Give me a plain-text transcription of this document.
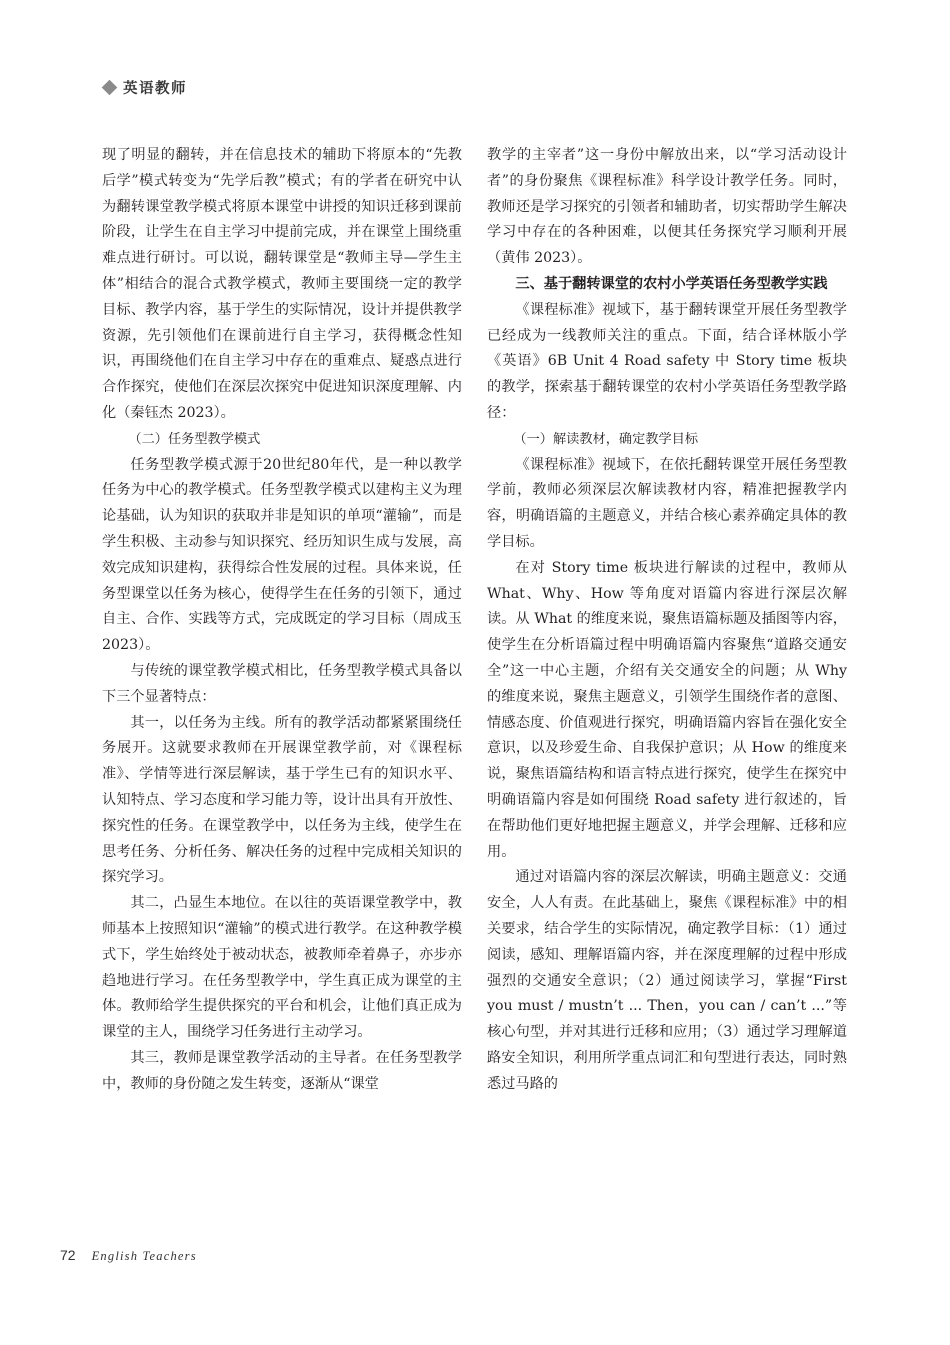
英语教师

现了明显的翻转，并在信息技术的辅助下将原本的“先教后学”模式转变为“先学后教”模式；有的学者在研究中认为翻转课堂教学模式将原本课堂中讲授的知识迁移到课前阶段，让学生在自主学习中提前完成，并在课堂上围绕重难点进行研讨。可以说，翻转课堂是“教师主导—学生主体”相结合的混合式教学模式，教师主要围绕一定的教学目标、教学内容，基于学生的实际情况，设计并提供教学资源，先引领他们在课前进行自主学习，获得概念性知识，再围绕他们在自主学习中存在的重难点、疑惑点进行合作探究，使他们在深层次探究中促进知识深度理解、内化（秦钰杰 2023）。

（二）任务型教学模式

任务型教学模式源于20世纪80年代，是一种以教学任务为中心的教学模式。任务型教学模式以建构主义为理论基础，认为知识的获取并非是知识的单项“灌输”，而是学生积极、主动参与知识探究、经历知识生成与发展，高效完成知识建构，获得综合性发展的过程。具体来说，任务型课堂以任务为核心，使得学生在任务的引领下，通过自主、合作、实践等方式，完成既定的学习目标（周成玉 2023）。

与传统的课堂教学模式相比，任务型教学模式具备以下三个显著特点：

其一，以任务为主线。所有的教学活动都紧紧围绕任务展开。这就要求教师在开展课堂教学前，对《课程标准》、学情等进行深层解读，基于学生已有的知识水平、认知特点、学习态度和学习能力等，设计出具有开放性、探究性的任务。在课堂教学中，以任务为主线，使学生在思考任务、分析任务、解决任务的过程中完成相关知识的探究学习。

其二，凸显生本地位。在以往的英语课堂教学中，教师基本上按照知识“灌输”的模式进行教学。在这种教学模式下，学生始终处于被动状态，被教师牵着鼻子，亦步亦趋地进行学习。在任务型教学中，学生真正成为课堂的主体。教师给学生提供探究的平台和机会，让他们真正成为课堂的主人，围绕学习任务进行主动学习。

其三，教师是课堂教学活动的主导者。在任务型教学中，教师的身份随之发生转变，逐渐从“课堂

教学的主宰者”这一身份中解放出来，以“学习活动设计者”的身份聚焦《课程标准》科学设计教学任务。同时，教师还是学习探究的引领者和辅助者，切实帮助学生解决学习中存在的各种困难，以便其任务探究学习顺利开展（黄伟 2023）。

三、基于翻转课堂的农村小学英语任务型教学实践

《课程标准》视域下，基于翻转课堂开展任务型教学已经成为一线教师关注的重点。下面，结合译林版小学《英语》6B Unit 4 Road safety 中 Story time 板块的教学，探索基于翻转课堂的农村小学英语任务型教学路径：

（一）解读教材，确定教学目标

《课程标准》视域下，在依托翻转课堂开展任务型教学前，教师必须深层次解读教材内容，精准把握教学内容，明确语篇的主题意义，并结合核心素养确定具体的教学目标。

在对 Story time 板块进行解读的过程中，教师从 What、Why、How 等角度对语篇内容进行深层次解读。从 What 的维度来说，聚焦语篇标题及插图等内容，使学生在分析语篇过程中明确语篇内容聚焦“道路交通安全”这一中心主题，介绍有关交通安全的问题；从 Why 的维度来说，聚焦主题意义，引领学生围绕作者的意图、情感态度、价值观进行探究，明确语篇内容旨在强化安全意识，以及珍爱生命、自我保护意识；从 How 的维度来说，聚焦语篇结构和语言特点进行探究，使学生在探究中明确语篇内容是如何围绕 Road safety 进行叙述的，旨在帮助他们更好地把握主题意义，并学会理解、迁移和应用。

通过对语篇内容的深层次解读，明确主题意义：交通安全，人人有责。在此基础上，聚焦《课程标准》中的相关要求，结合学生的实际情况，确定教学目标：（1）通过阅读，感知、理解语篇内容，并在深度理解的过程中形成强烈的交通安全意识；（2）通过阅读学习，掌握“First you must / mustn’t ... Then，you can / can’t ...”等核心句型，并对其进行迁移和应用；（3）通过学习理解道路安全知识，利用所学重点词汇和句型进行表达，同时熟悉过马路的

72 English Teachers
